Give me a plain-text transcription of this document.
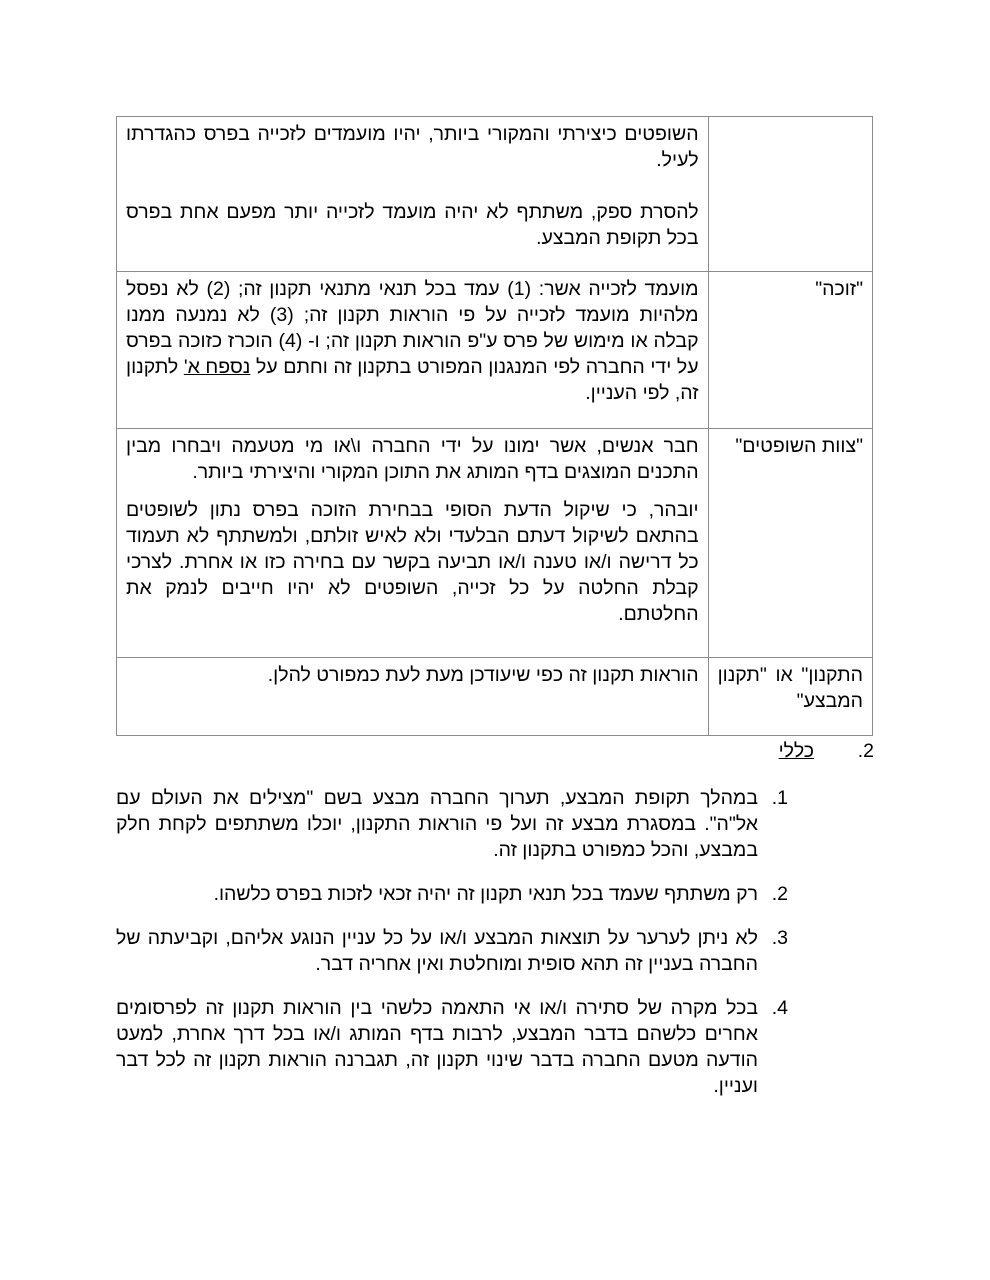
	השופטים כיצירתי והמקורי ביותר, יהיו מועמדים לזכייה בפרס כהגדרתו לעיל.

להסרת ספק, משתתף לא יהיה מועמד לזכייה יותר מפעם אחת בפרס בכל תקופת המבצע.

"זוכה"	מועמד לזכייה אשר: (1) עמד בכל תנאי מתנאי תקנון זה; (2) לא נפסל מלהיות מועמד לזכייה על פי הוראות תקנון זה; (3) לא נמנעה ממנו קבלה או מימוש של פרס ע"פ הוראות תקנון זה; ו- (4) הוכרז כזוכה בפרס על ידי החברה לפי המנגנון המפורט בתקנון זה וחתם על נספח א' לתקנון זה, לפי העניין.

"צוות השופטים"	חבר אנשים, אשר ימונו על ידי החברה ו\או מי מטעמה ויבחרו מבין התכנים המוצגים בדף המותג את התוכן המקורי והיצירתי ביותר.

יובהר, כי שיקול הדעת הסופי בבחירת הזוכה בפרס נתון לשופטים בהתאם לשיקול דעתם הבלעדי ולא לאיש זולתם, ולמשתתף לא תעמוד כל דרישה ו/או טענה ו/או תביעה בקשר עם בחירה כזו או אחרת. לצרכי קבלת החלטה על כל זכייה, השופטים לא יהיו חייבים לנמק את החלטתם.

התקנון" או "תקנון המבצע"	הוראות תקנון זה כפי שיעודכן מעת לעת כמפורט להלן.

2.
כללי
1.
במהלך תקופת המבצע, תערוך החברה מבצע בשם "מצילים את העולם עם אל"ה". במסגרת מבצע זה ועל פי הוראות התקנון, יוכלו משתתפים לקחת חלק במבצע, והכל כמפורט בתקנון זה.
2.
רק משתתף שעמד בכל תנאי תקנון זה יהיה זכאי לזכות בפרס כלשהו.
3.
לא ניתן לערער על תוצאות המבצע ו/או על כל עניין הנוגע אליהם, וקביעתה של החברה בעניין זה תהא סופית ומוחלטת ואין אחריה דבר.
4.
בכל מקרה של סתירה ו/או אי התאמה כלשהי בין הוראות תקנון זה לפרסומים אחרים כלשהם בדבר המבצע, לרבות בדף המותג ו/או בכל דרך אחרת, למעט הודעה מטעם החברה בדבר שינוי תקנון זה, תגברנה הוראות תקנון זה לכל דבר ועניין.
